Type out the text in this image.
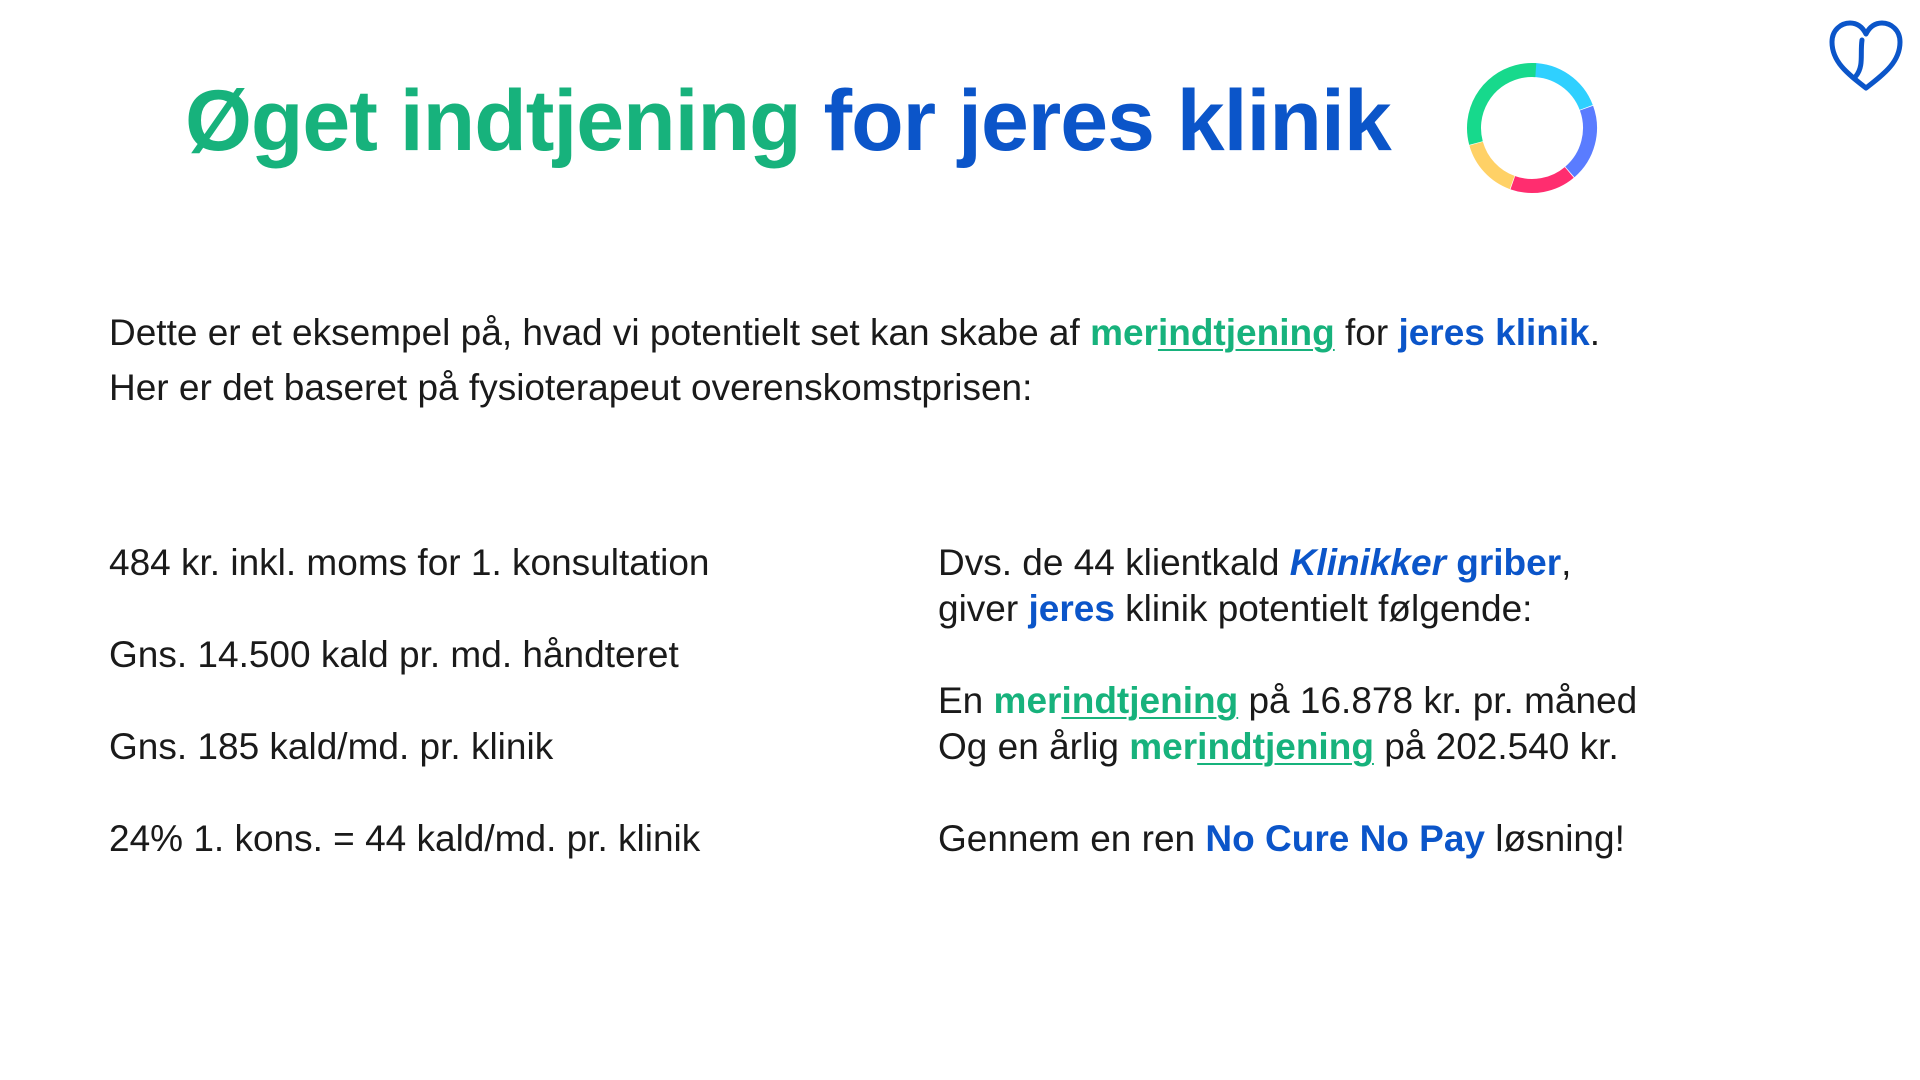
Øget indtjening for jeres klinik

Dette er et eksempel på, hvad vi potentielt set kan skabe af merindtjening for jeres klinik.

Her er det baseret på fysioterapeut overenskomstprisen:

484 kr. inkl. moms for 1. konsultation

Gns. 14.500 kald pr. md. håndteret

Gns. 185 kald/md. pr. klinik

24% 1. kons. = 44 kald/md. pr. klinik

Dvs. de 44 klientkald Klinikker griber,

giver jeres klinik potentielt følgende:

En merindtjening på 16.878 kr. pr. måned

Og en årlig merindtjening på 202.540 kr.

Gennem en ren No Cure No Pay løsning!
